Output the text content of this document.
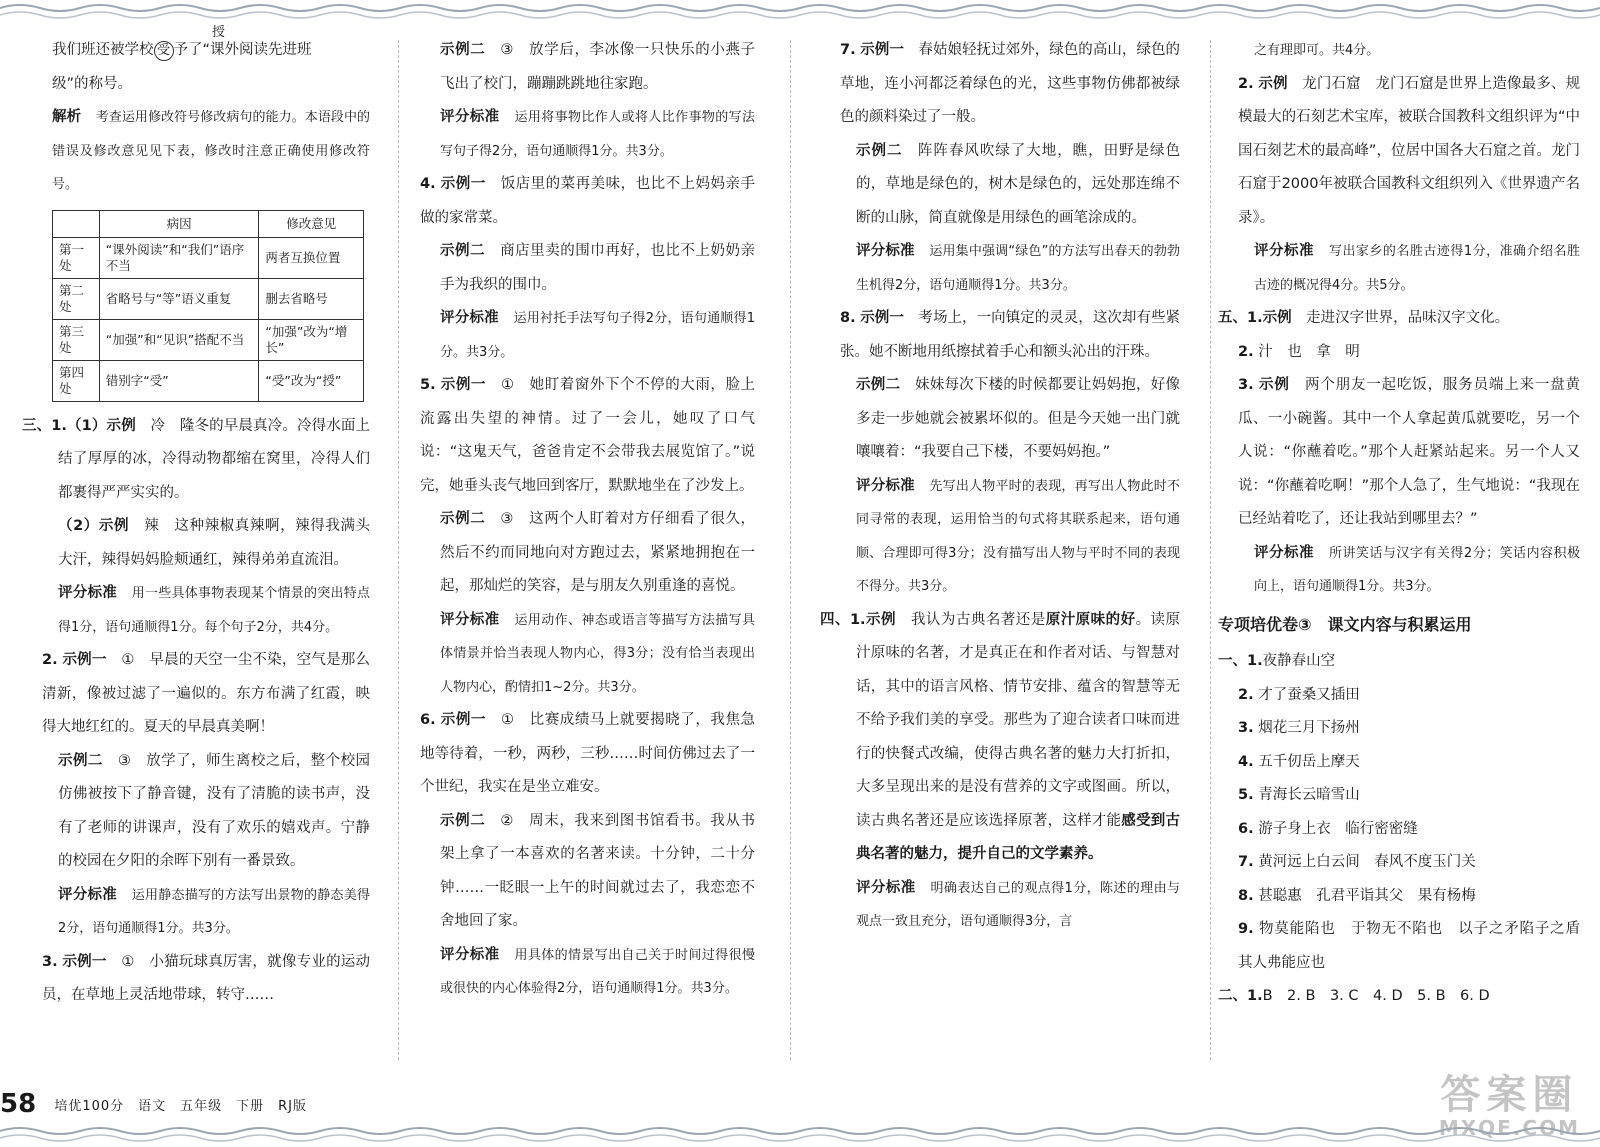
我们班还被学校 受
授
予了“课外阅读先进班

级”的称号。

解析　 考查运用修改符号修改病句的能力。本语段中的错误及修改意见见下表，修改时注意正确使用修改符号。

	病因	修改意见
第一处	“课外阅读”和“我们”语序不当	两者互换位置
第二处	省略号与“等”语义重复	删去省略号
第三处	“加强”和“见识”搭配不当	“加强”改为“增长”
第四处	错别字“受”	“受”改为“授”

三、1.（1）示例　 冷　 隆冬的早晨真冷。冷得水面上结了厚厚的冰，冷得动物都缩在窝里，冷得人们都裹得严严实实的。

（2）示例　 辣　 这种辣椒真辣啊，辣得我满头大汗，辣得妈妈脸颊通红，辣得弟弟直流泪。

评分标准　 用一些具体事物表现某个情景的突出特点得1分，语句通顺得1分。每个句子2分，共4分。

2. 示例一　 ①　 早晨的天空一尘不染，空气是那么清新，像被过滤了一遍似的。东方布满了红霞，映得大地红红的。夏天的早晨真美啊！

示例二　 ③　 放学了，师生离校之后，整个校园仿佛被按下了静音键，没有了清脆的读书声，没有了老师的讲课声，没有了欢乐的嬉戏声。宁静的校园在夕阳的余晖下别有一番景致。

评分标准　 运用静态描写的方法写出景物的静态美得2分，语句通顺得1分。共3分。

3. 示例一　 ①　 小猫玩球真厉害，就像专业的运动员，在草地上灵活地带球，转守……

示例二　 ③　 放学后，李冰像一只快乐的小燕子飞出了校门，蹦蹦跳跳地往家跑。

评分标准　 运用将事物比作人或将人比作事物的写法写句子得2分，语句通顺得1分。共3分。

4. 示例一　 饭店里的菜再美味，也比不上妈妈亲手做的家常菜。

示例二　 商店里卖的围巾再好，也比不上奶奶亲手为我织的围巾。

评分标准　 运用衬托手法写句子得2分，语句通顺得1分。共3分。

5. 示例一　 ①　 她盯着窗外下个不停的大雨，脸上流露出失望的神情。过了一会儿，她叹了口气说：“这鬼天气，爸爸肯定不会带我去展览馆了。”说完，她垂头丧气地回到客厅，默默地坐在了沙发上。

示例二　 ③　 这两个人盯着对方仔细看了很久，然后不约而同地向对方跑过去，紧紧地拥抱在一起，那灿烂的笑容，是与朋友久别重逢的喜悦。

评分标准　 运用动作、神态或语言等描写方法描写具体情景并恰当表现人物内心，得3分；没有恰当表现出人物内心，酌情扣1~2分。共3分。

6. 示例一　 ①　 比赛成绩马上就要揭晓了，我焦急地等待着，一秒，两秒，三秒……时间仿佛过去了一个世纪，我实在是坐立难安。

示例二　 ②　 周末，我来到图书馆看书。我从书架上拿了一本喜欢的名著来读。十分钟，二十分钟……一眨眼一上午的时间就过去了，我恋恋不舍地回了家。

评分标准　 用具体的情景写出自己关于时间过得很慢或很快的内心体验得2分，语句通顺得1分。共3分。

7. 示例一　 春姑娘轻抚过郊外，绿色的高山，绿色的草地，连小河都泛着绿色的光，这些事物仿佛都被绿色的颜料染过了一般。

示例二　 阵阵春风吹绿了大地，瞧，田野是绿色的，草地是绿色的，树木是绿色的，远处那连绵不断的山脉，简直就像是用绿色的画笔涂成的。

评分标准　 运用集中强调“绿色”的方法写出春天的勃勃生机得2分，语句通顺得1分。共3分。

8. 示例一　 考场上，一向镇定的灵灵，这次却有些紧张。她不断地用纸擦拭着手心和额头沁出的汗珠。

示例二　 妹妹每次下楼的时候都要让妈妈抱，好像多走一步她就会被累坏似的。但是今天她一出门就嚷嚷着：“我要自己下楼，不要妈妈抱。”

评分标准　 先写出人物平时的表现，再写出人物此时不同寻常的表现，运用恰当的句式将其联系起来，语句通顺、合理即可得3分；没有描写出人物与平时不同的表现不得分。共3分。

四、1.示例　 我认为古典名著还是原汁原味的好。读原汁原味的名著，才是真正在和作者对话、与智慧对话，其中的语言风格、情节安排、蕴含的智慧等无不给予我们美的享受。那些为了迎合读者口味而进行的快餐式改编，使得古典名著的魅力大打折扣，大多呈现出来的是没有营养的文字或图画。所以，读古典名著还是应该选择原著，这样才能感受到古典名著的魅力，提升自己的文学素养。

评分标准　 明确表达自己的观点得1分，陈述的理由与观点一致且充分，语句通顺得3分，言

之有理即可。共4分。

2. 示例　 龙门石窟　 龙门石窟是世界上造像最多、规模最大的石刻艺术宝库，被联合国教科文组织评为“中国石刻艺术的最高峰”，位居中国各大石窟之首。龙门石窟于2000年被联合国教科文组织列入《世界遗产名录》。

评分标准　 写出家乡的名胜古迹得1分，准确介绍名胜古迹的概况得4分。共5分。

五、1.示例　 走进汉字世界，品味汉字文化。

2. 汁　也　拿　明

3. 示例　 两个朋友一起吃饭，服务员端上来一盘黄瓜、一小碗酱。其中一个人拿起黄瓜就要吃，另一个人说：“你蘸着吃。”那个人赶紧站起来。另一个人又说：“你蘸着吃啊！”那个人急了，生气地说：“我现在已经站着吃了，还让我站到哪里去？”

评分标准　 所讲笑话与汉字有关得2分；笑话内容积极向上，语句通顺得1分。共3分。

专项培优卷③　课文内容与积累运用

一、1.夜静春山空

2. 才了蚕桑又插田

3. 烟花三月下扬州

4. 五千仞岳上摩天

5. 青海长云暗雪山

6. 游子身上衣　临行密密缝

7. 黄河远上白云间　春风不度玉门关

8. 甚聪惠　孔君平诣其父　果有杨梅

9. 物莫能陷也　于物无不陷也　以子之矛陷子之盾　其人弗能应也

二、1.B　2. B　3. C　4. D　5. B　6. D

58 培优100分　语文　五年级　下册　RJ版	答案圈
MXQE.COM
